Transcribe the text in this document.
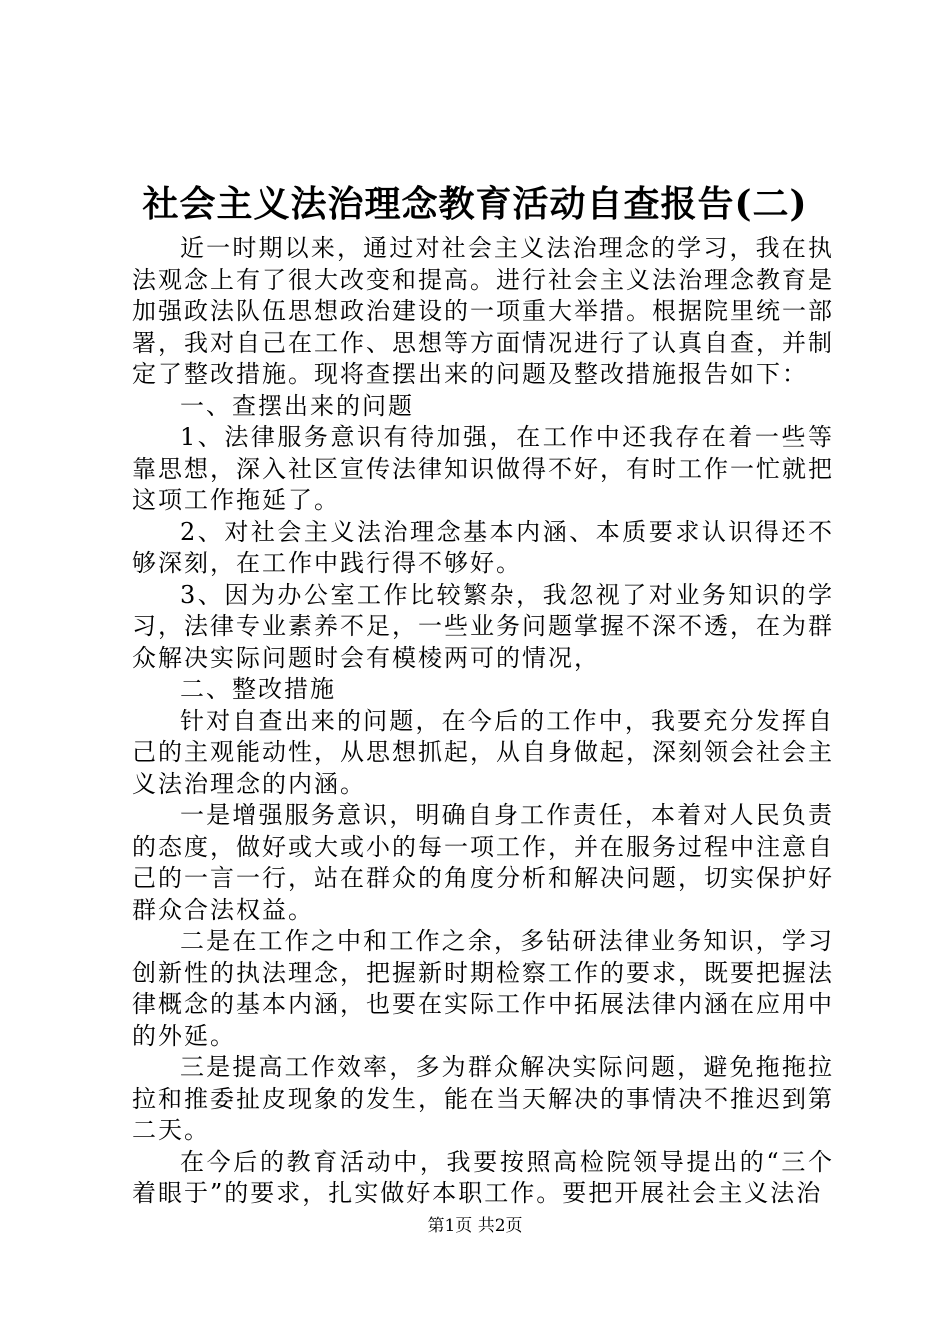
社会主义法治理念教育活动自查报告(二)

近一时期以来，通过对社会主义法治理念的学习，我在执法观念上有了很大改变和提高。进行社会主义法治理念教育是加强政法队伍思想政治建设的一项重大举措。根据院里统一部署，我对自己在工作、思想等方面情况进行了认真自查，并制定了整改措施。现将查摆出来的问题及整改措施报告如下：

一、查摆出来的问题

1、法律服务意识有待加强，在工作中还我存在着一些等靠思想，深入社区宣传法律知识做得不好，有时工作一忙就把这项工作拖延了。

2、对社会主义法治理念基本内涵、本质要求认识得还不够深刻，在工作中践行得不够好。

3、因为办公室工作比较繁杂，我忽视了对业务知识的学习，法律专业素养不足，一些业务问题掌握不深不透，在为群众解决实际问题时会有模棱两可的情况，

二、整改措施

针对自查出来的问题，在今后的工作中，我要充分发挥自己的主观能动性，从思想抓起，从自身做起，深刻领会社会主义法治理念的内涵。

一是增强服务意识，明确自身工作责任，本着对人民负责的态度，做好或大或小的每一项工作，并在服务过程中注意自己的一言一行，站在群众的角度分析和解决问题，切实保护好群众合法权益。

二是在工作之中和工作之余，多钻研法律业务知识，学习创新性的执法理念，把握新时期检察工作的要求，既要把握法律概念的基本内涵，也要在实际工作中拓展法律内涵在应用中的外延。

三是提高工作效率，多为群众解决实际问题，避免拖拖拉拉和推委扯皮现象的发生，能在当天解决的事情决不推迟到第二天。

在今后的教育活动中，我要按照高检院领导提出的“三个着眼于”的要求，扎实做好本职工作。要把开展社会主义法治

第1页 共2页
